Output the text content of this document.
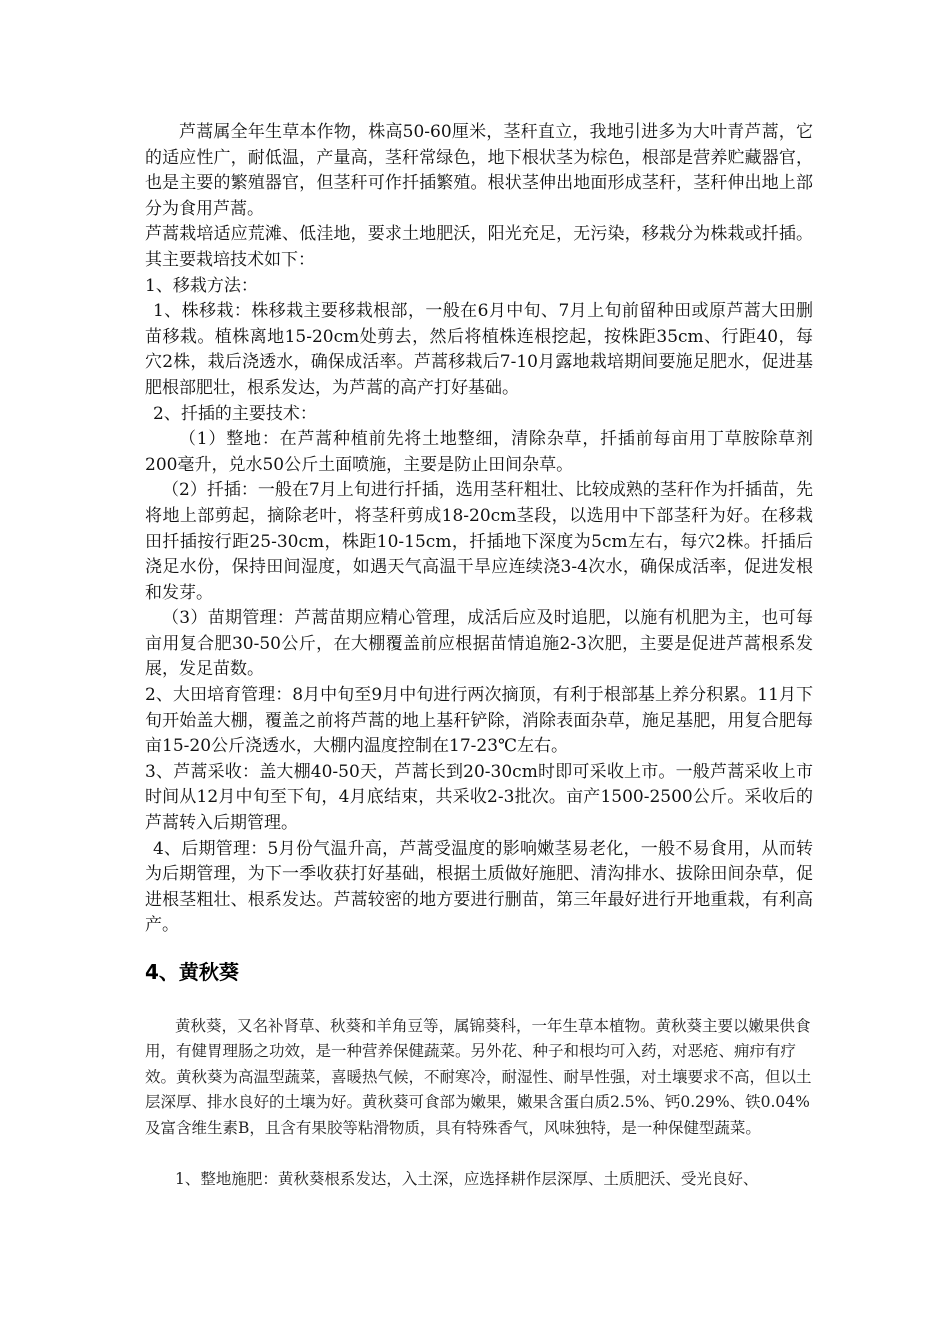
芦蒿属全年生草本作物，株高50-60厘米，茎秆直立，我地引进多为大叶青芦蒿，它的适应性广，耐低温，产量高，茎秆常绿色，地下根状茎为棕色，根部是营养贮藏器官，也是主要的繁殖器官，但茎秆可作扦插繁殖。根状茎伸出地面形成茎秆，茎秆伸出地上部分为食用芦蒿。

芦蒿栽培适应荒滩、低洼地，要求土地肥沃，阳光充足，无污染，移栽分为株栽或扦插。其主要栽培技术如下：

1、移栽方法：

1、株移栽：株移栽主要移栽根部，一般在6月中旬、7月上旬前留种田或原芦蒿大田删苗移栽。植株离地15-20cm处剪去，然后将植株连根挖起，按株距35cm、行距40，每穴2株，栽后浇透水，确保成活率。芦蒿移栽后7-10月露地栽培期间要施足肥水，促进基肥根部肥壮，根系发达，为芦蒿的高产打好基础。

2、扦插的主要技术：

（1）整地：在芦蒿种植前先将土地整细，清除杂草，扦插前每亩用丁草胺除草剂200毫升，兑水50公斤土面喷施，主要是防止田间杂草。

（2）扦插：一般在7月上旬进行扦插，选用茎秆粗壮、比较成熟的茎秆作为扦插苗，先将地上部剪起，摘除老叶，将茎秆剪成18-20cm茎段，以选用中下部茎秆为好。在移栽田扦插按行距25-30cm，株距10-15cm，扦插地下深度为5cm左右，每穴2株。扦插后浇足水份，保持田间湿度，如遇天气高温干旱应连续浇3-4次水，确保成活率，促进发根和发芽。

（3）苗期管理：芦蒿苗期应精心管理，成活后应及时追肥，以施有机肥为主，也可每亩用复合肥30-50公斤，在大棚覆盖前应根据苗情追施2-3次肥，主要是促进芦蒿根系发展，发足苗数。

2、大田培育管理：8月中旬至9月中旬进行两次摘顶，有利于根部基上养分积累。11月下旬开始盖大棚，覆盖之前将芦蒿的地上基秆铲除，消除表面杂草，施足基肥，用复合肥每亩15-20公斤浇透水，大棚内温度控制在17-23℃左右。

3、芦蒿采收：盖大棚40-50天，芦蒿长到20-30cm时即可采收上市。一般芦蒿采收上市时间从12月中旬至下旬，4月底结束，共采收2-3批次。亩产1500-2500公斤。采收后的芦蒿转入后期管理。

4、后期管理：5月份气温升高，芦蒿受温度的影响嫩茎易老化，一般不易食用，从而转为后期管理，为下一季收获打好基础，根据土质做好施肥、清沟排水、拔除田间杂草，促进根茎粗壮、根系发达。芦蒿较密的地方要进行删苗，第三年最好进行开地重栽，有利高产。

4、黄秋葵

黄秋葵，又名补肾草、秋葵和羊角豆等，属锦葵科，一年生草本植物。黄秋葵主要以嫩果供食用，有健胃理肠之功效，是一种营养保健蔬菜。另外花、种子和根均可入药，对恶疮、痈疖有疗效。黄秋葵为高温型蔬菜，喜暖热气候，不耐寒冷，耐湿性、耐旱性强，对土壤要求不高，但以土层深厚、排水良好的土壤为好。黄秋葵可食部为嫩果，嫩果含蛋白质2.5%、钙0.29%、铁0.04%及富含维生素B，且含有果胶等粘滑物质，具有特殊香气，风味独特，是一种保健型蔬菜。

1、整地施肥：黄秋葵根系发达，入土深，应选择耕作层深厚、土质肥沃、受光良好、
